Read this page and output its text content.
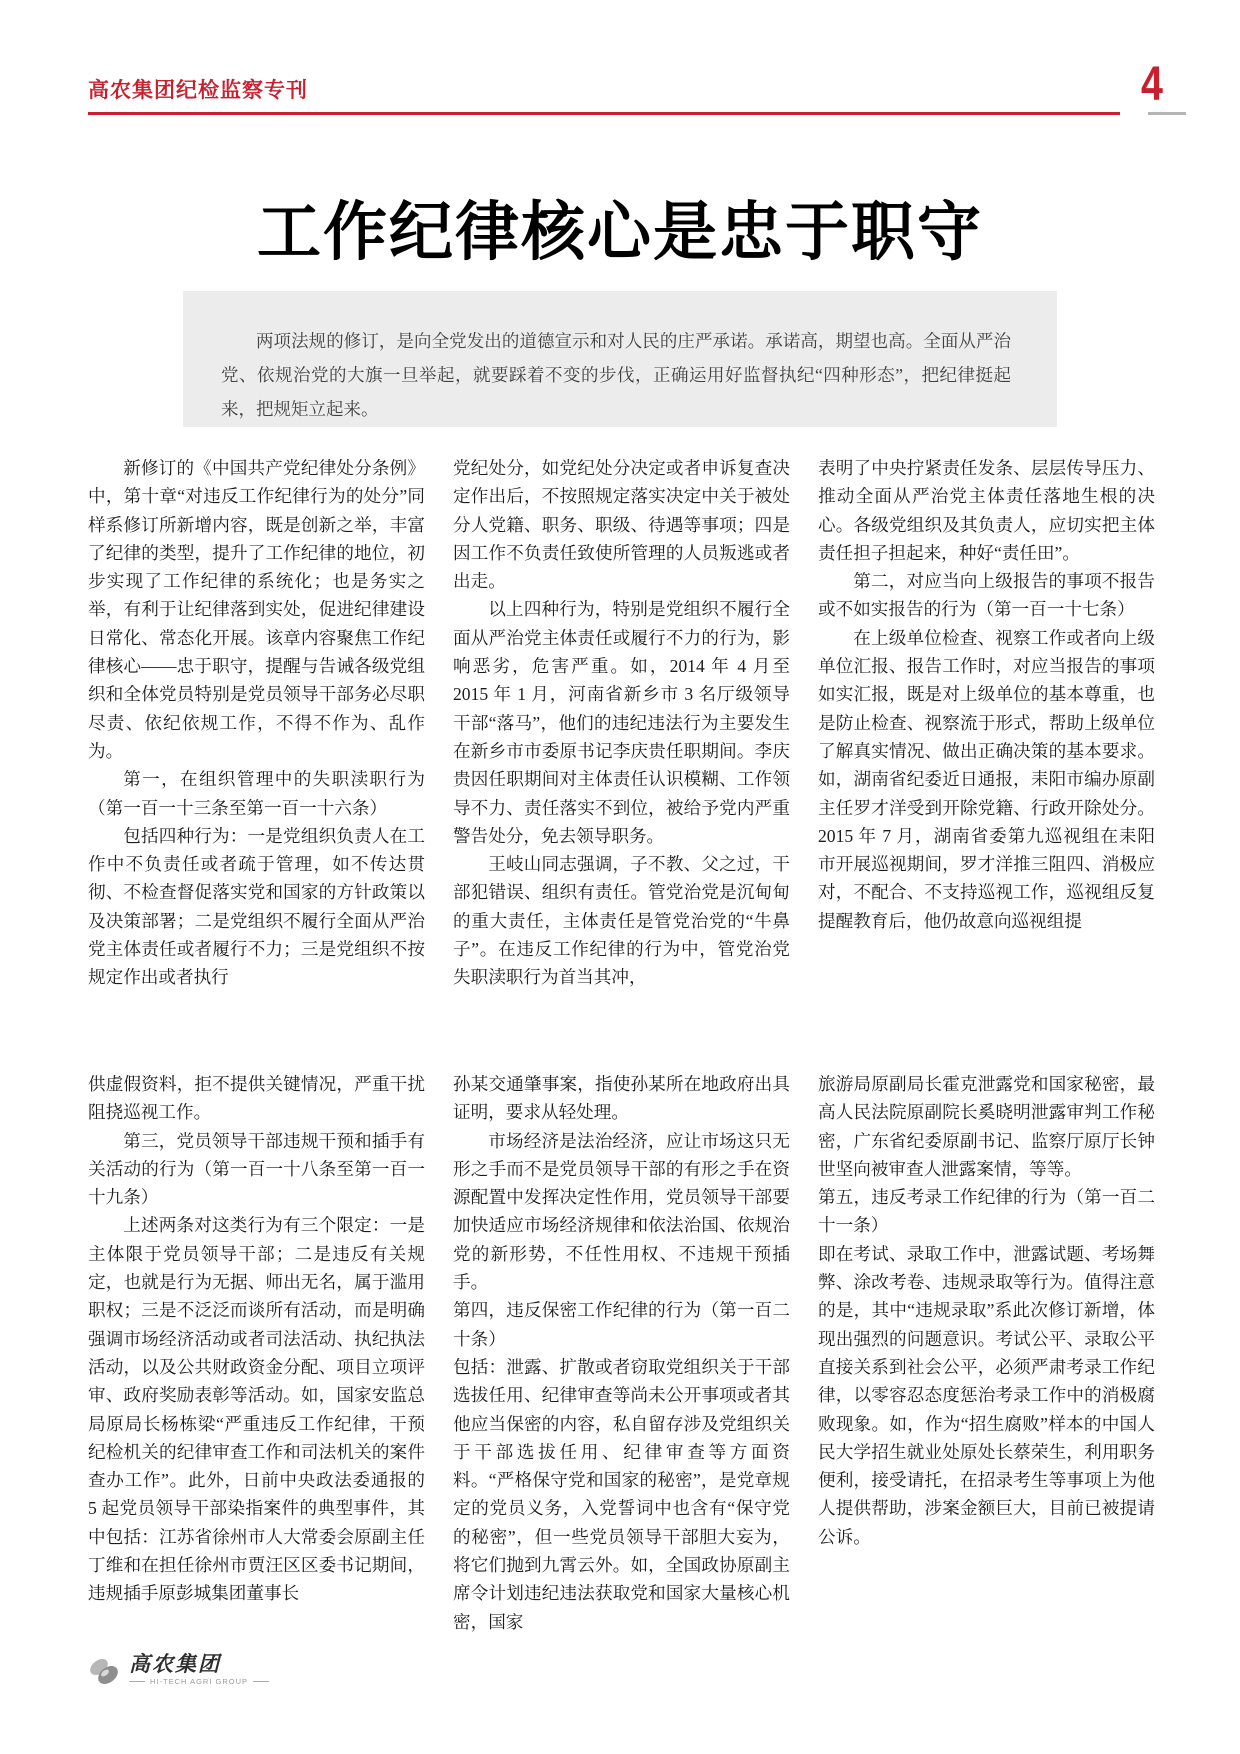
高农集团纪检监察专刊	4
工作纪律核心是忠于职守

两项法规的修订，是向全党发出的道德宣示和对人民的庄严承诺。承诺高，期望也高。全面从严治党、依规治党的大旗一旦举起，就要踩着不变的步伐，正确运用好监督执纪“四种形态”，把纪律挺起来，把规矩立起来。

新修订的《中国共产党纪律处分条例》中，第十章“对违反工作纪律行为的处分”同样系修订所新增内容，既是创新之举，丰富了纪律的类型，提升了工作纪律的地位，初步实现了工作纪律的系统化；也是务实之举，有利于让纪律落到实处，促进纪律建设日常化、常态化开展。该章内容聚焦工作纪律核心——忠于职守，提醒与告诫各级党组织和全体党员特别是党员领导干部务必尽职尽责、依纪依规工作，不得不作为、乱作为。

第一，在组织管理中的失职渎职行为（第一百一十三条至第一百一十六条）

包括四种行为：一是党组织负责人在工作中不负责任或者疏于管理，如不传达贯彻、不检查督促落实党和国家的方针政策以及决策部署；二是党组织不履行全面从严治党主体责任或者履行不力；三是党组织不按规定作出或者执行

党纪处分，如党纪处分决定或者申诉复查决定作出后，不按照规定落实决定中关于被处分人党籍、职务、职级、待遇等事项；四是因工作不负责任致使所管理的人员叛逃或者出走。

以上四种行为，特别是党组织不履行全面从严治党主体责任或履行不力的行为，影响恶劣，危害严重。如，2014 年 4 月至 2015 年 1 月，河南省新乡市 3 名厅级领导干部“落马”，他们的违纪违法行为主要发生在新乡市市委原书记李庆贵任职期间。李庆贵因任职期间对主体责任认识模糊、工作领导不力、责任落实不到位，被给予党内严重警告处分，免去领导职务。

王岐山同志强调，子不教、父之过，干部犯错误、组织有责任。管党治党是沉甸甸的重大责任，主体责任是管党治党的“牛鼻子”。在违反工作纪律的行为中，管党治党失职渎职行为首当其冲，

表明了中央拧紧责任发条、层层传导压力、推动全面从严治党主体责任落地生根的决心。各级党组织及其负责人，应切实把主体责任担子担起来，种好“责任田”。

第二，对应当向上级报告的事项不报告或不如实报告的行为（第一百一十七条）

在上级单位检查、视察工作或者向上级单位汇报、报告工作时，对应当报告的事项如实汇报，既是对上级单位的基本尊重，也是防止检查、视察流于形式，帮助上级单位了解真实情况、做出正确决策的基本要求。如，湖南省纪委近日通报，耒阳市编办原副主任罗才洋受到开除党籍、行政开除处分。2015 年 7 月，湖南省委第九巡视组在耒阳市开展巡视期间，罗才洋推三阻四、消极应对，不配合、不支持巡视工作，巡视组反复提醒教育后，他仍故意向巡视组提

供虚假资料，拒不提供关键情况，严重干扰阻挠巡视工作。

第三，党员领导干部违规干预和插手有关活动的行为（第一百一十八条至第一百一十九条）

上述两条对这类行为有三个限定：一是主体限于党员领导干部；二是违反有关规定，也就是行为无据、师出无名，属于滥用职权；三是不泛泛而谈所有活动，而是明确强调市场经济活动或者司法活动、执纪执法活动，以及公共财政资金分配、项目立项评审、政府奖励表彰等活动。如，国家安监总局原局长杨栋梁“严重违反工作纪律，干预纪检机关的纪律审查工作和司法机关的案件查办工作”。此外，日前中央政法委通报的 5 起党员领导干部染指案件的典型事件，其中包括：江苏省徐州市人大常委会原副主任丁维和在担任徐州市贾汪区区委书记期间，违规插手原彭城集团董事长

孙某交通肇事案，指使孙某所在地政府出具证明，要求从轻处理。

市场经济是法治经济，应让市场这只无形之手而不是党员领导干部的有形之手在资源配置中发挥决定性作用，党员领导干部要加快适应市场经济规律和依法治国、依规治党的新形势，不任性用权、不违规干预插手。

第四，违反保密工作纪律的行为（第一百二十条）

包括：泄露、扩散或者窃取党组织关于干部选拔任用、纪律审查等尚未公开事项或者其他应当保密的内容，私自留存涉及党组织关于干部选拔任用、纪律审查等方面资料。“严格保守党和国家的秘密”，是党章规定的党员义务，入党誓词中也含有“保守党的秘密”，但一些党员领导干部胆大妄为，将它们抛到九霄云外。如，全国政协原副主席令计划违纪违法获取党和国家大量核心机密，国家

旅游局原副局长霍克泄露党和国家秘密，最高人民法院原副院长奚晓明泄露审判工作秘密，广东省纪委原副书记、监察厅原厅长钟世坚向被审查人泄露案情，等等。

第五，违反考录工作纪律的行为（第一百二十一条）

即在考试、录取工作中，泄露试题、考场舞弊、涂改考卷、违规录取等行为。值得注意的是，其中“违规录取”系此次修订新增，体现出强烈的问题意识。考试公平、录取公平直接关系到社会公平，必须严肃考录工作纪律，以零容忍态度惩治考录工作中的消极腐败现象。如，作为“招生腐败”样本的中国人民大学招生就业处原处长蔡荣生，利用职务便利，接受请托，在招录考生等事项上为他人提供帮助，涉案金额巨大，目前已被提请公诉。

高农集团
HI-TECH AGRI GROUP
